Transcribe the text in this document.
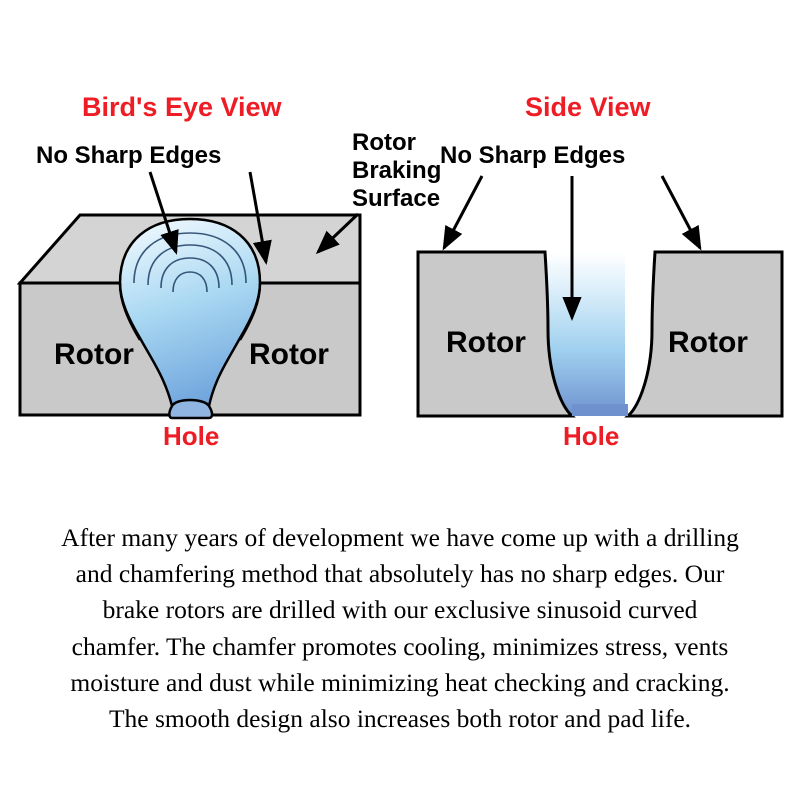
Bird's Eye View
No Sharp Edges	Rotor
Braking
Surface
Rotor	Rotor
Hole
Side View
No Sharp Edges
Rotor	Rotor
Hole
After many years of development we have come up with a drilling
and chamfering method that absolutely has no sharp edges. Our
brake rotors are drilled with our exclusive sinusoid curved
chamfer. The chamfer promotes cooling, minimizes stress, vents
moisture and dust while minimizing heat checking and cracking.
The smooth design also increases both rotor and pad life.
